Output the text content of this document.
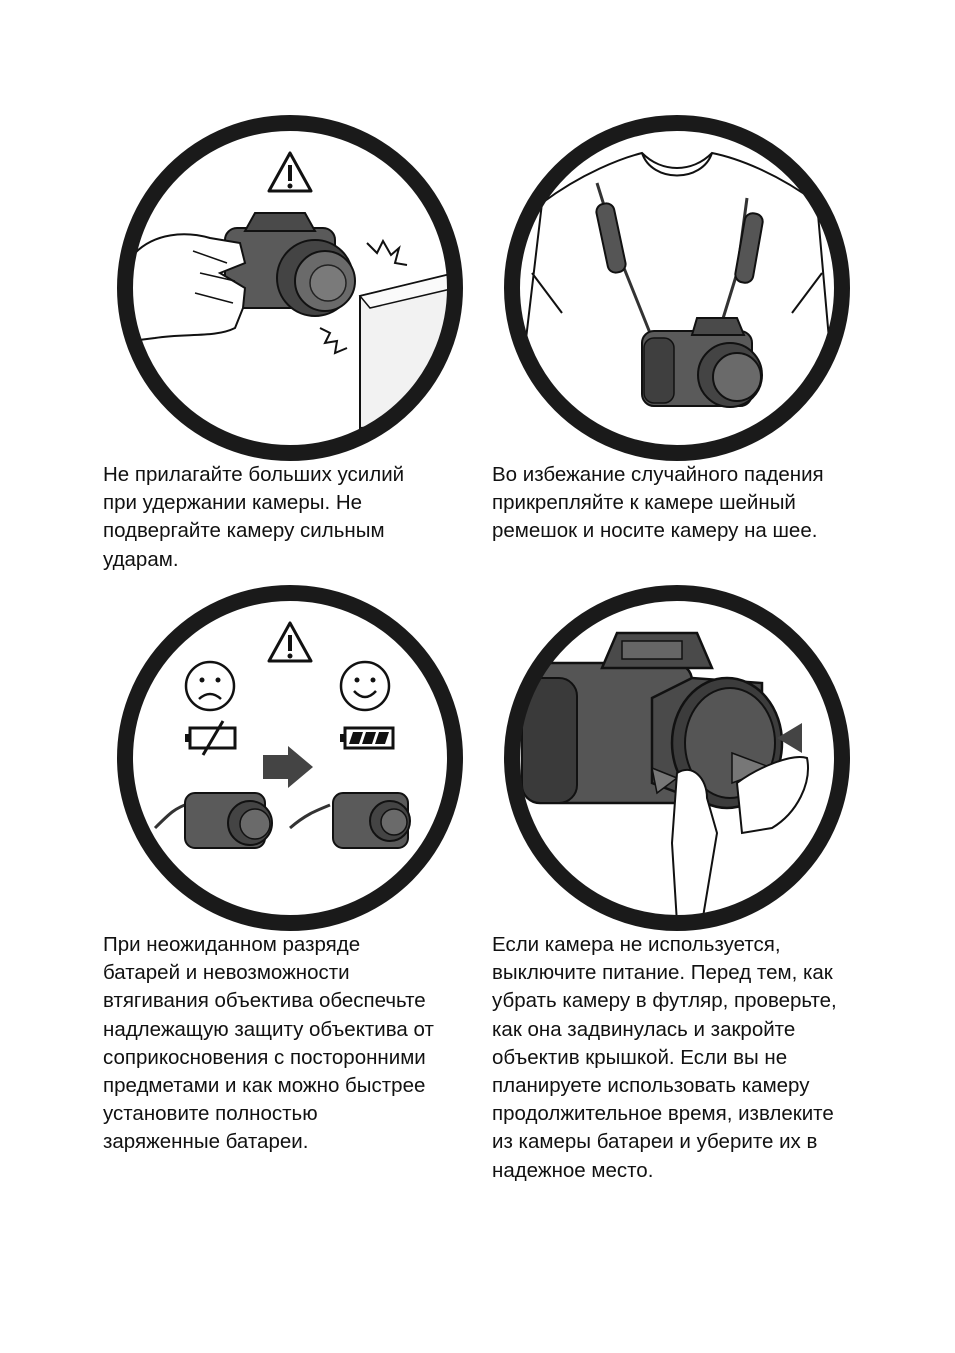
Не прилагайте больших усилий
при удержании камеры. Не
подвергайте камеру сильным
ударам.
Во избежание случайного падения
прикрепляйте к камере шейный
ремешок и носите камеру на шее.
При неожиданном разряде
батарей и невозможности
втягивания объектива обеспечьте
надлежащую защиту объектива от
соприкосновения с посторонними
предметами и как можно быстрее
установите полностью
заряженные батареи.
Если камера не используется,
выключите питание. Перед тем, как
убрать камеру в футляр, проверьте,
как она задвинулась и закройте
объектив крышкой. Если вы не
планируете использовать камеру
продолжительное время, извлеките
из камеры батареи и уберите их в
надежное место.
